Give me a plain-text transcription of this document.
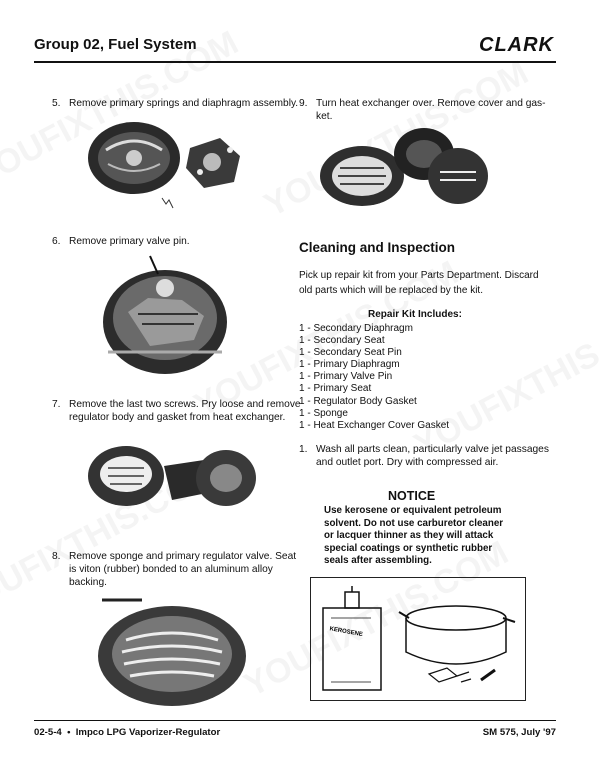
Group 02, Fuel System	CLARK
5. Remove primary springs and diaphragm assembly.
6. Remove primary valve pin.
7. Remove the last two screws. Pry loose and remove
regulator body and gasket from heat exchanger.
8. Remove sponge and primary regulator valve. Seat
is viton (rubber) bonded to an aluminum alloy
backing.
9. Turn heat exchanger over. Remove cover and gas-
ket.
Cleaning and Inspection
Pick up repair kit from your Parts Department. Discard
old parts which will be replaced by the kit.
Repair Kit Includes:
1 - Secondary Diaphragm
1 - Secondary Seat
1 - Secondary Seat Pin
1 - Primary Diaphragm
1 - Primary Valve Pin
1 - Primary Seat
1 - Regulator Body Gasket
1 - Sponge
1 - Heat Exchanger Cover Gasket
1. Wash all parts clean, particularly valve jet passages
and outlet port. Dry with compressed air.
NOTICE
Use kerosene or equivalent petroleum
solvent. Do not use carburetor cleaner
or lacquer thinner as they will attack
special coatings or synthetic rubber
seals after assembling.
KEROSENE
02-5-4  •  Impco LPG Vaporizer-Regulator	SM 575, July '97
